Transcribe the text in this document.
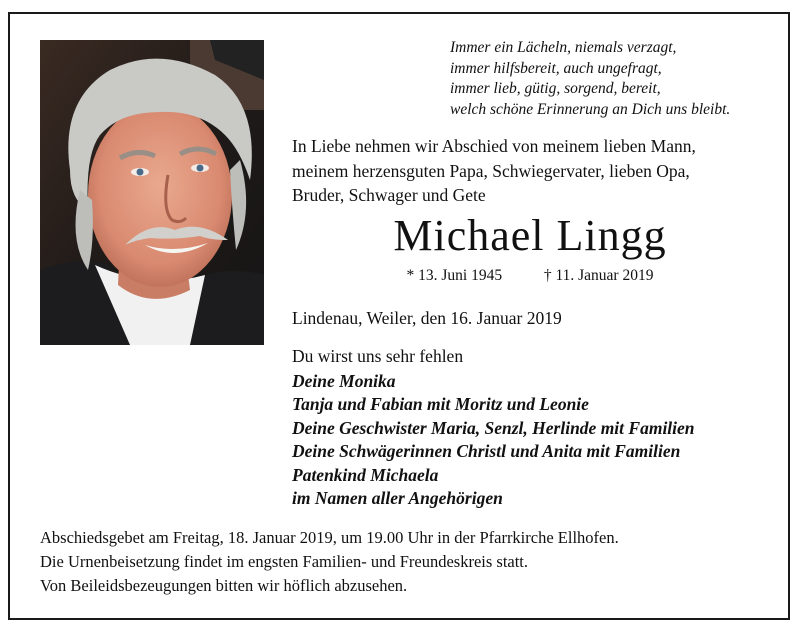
Immer ein Lächeln, niemals verzagt,
immer hilfsbereit, auch ungefragt,
immer lieb, gütig, sorgend, bereit,
welch schöne Erinnerung an Dich uns bleibt.
In Liebe nehmen wir Abschied von meinem lieben Mann,
meinem herzensguten Papa, Schwiegervater, lieben Opa,
Bruder, Schwager und Gete
Michael Lingg
* 13. Juni 1945	† 11. Januar 2019
Lindenau, Weiler, den 16. Januar 2019
Du wirst uns sehr fehlen
Deine Monika
Tanja und Fabian mit Moritz und Leonie
Deine Geschwister Maria, Senzl, Herlinde mit Familien
Deine Schwägerinnen Christl und Anita mit Familien
Patenkind Michaela
im Namen aller Angehörigen
Abschiedsgebet am Freitag, 18. Januar 2019, um 19.00 Uhr in der Pfarrkirche Ellhofen.
Die Urnenbeisetzung findet im engsten Familien- und Freundeskreis statt.
Von Beileidsbezeugungen bitten wir höflich abzusehen.
